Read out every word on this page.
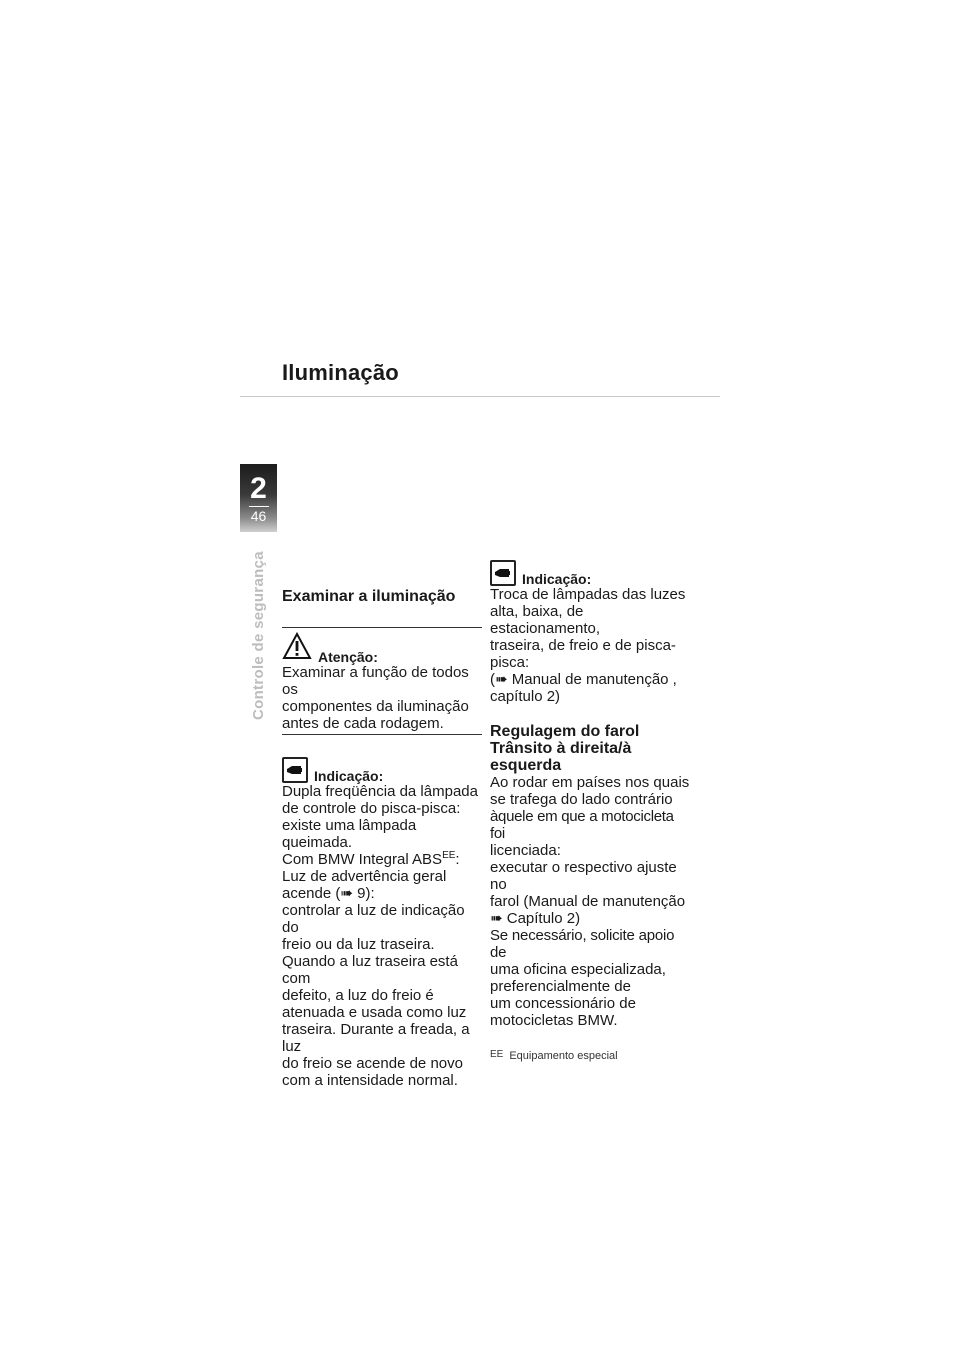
Iluminação
2
46
Controle de segurança Examinar a iluminação
Atenção:

Examinar a função de todos os

componentes da iluminação

antes de cada rodagem.

Indicação:

Dupla freqüência da lâmpada

de controle do pisca-pisca:

existe uma lâmpada queimada.

Com BMW Integral $ABS^{EE}$:

Luz de advertência geral

acende (➠ 9):

controlar a luz de indicação do

freio ou da luz traseira.

Quando a luz traseira está com

defeito, a luz do freio é

atenuada e usada como luz

traseira. Durante a freada, a luz

do freio se acende de novo

com a intensidade normal.

Indicação:

Troca de lâmpadas das luzes

alta, baixa, de estacionamento,

traseira, de freio e de pisca-

pisca:

(➠ Manual de manutenção ,

capítulo 2)

Regulagem do farol
Trânsito à direita/à
esquerda

Ao rodar em países nos quais

se trafega do lado contrário

àquele em que a motocicleta foi

licenciada:

executar o respectivo ajuste no

farol (Manual de manutenção

➠ Capítulo 2)

Se necessário, solicite apoio de

uma oficina especializada,

preferencialmente de

um concessionário de

motocicletas BMW.

EE Equipamento especial
